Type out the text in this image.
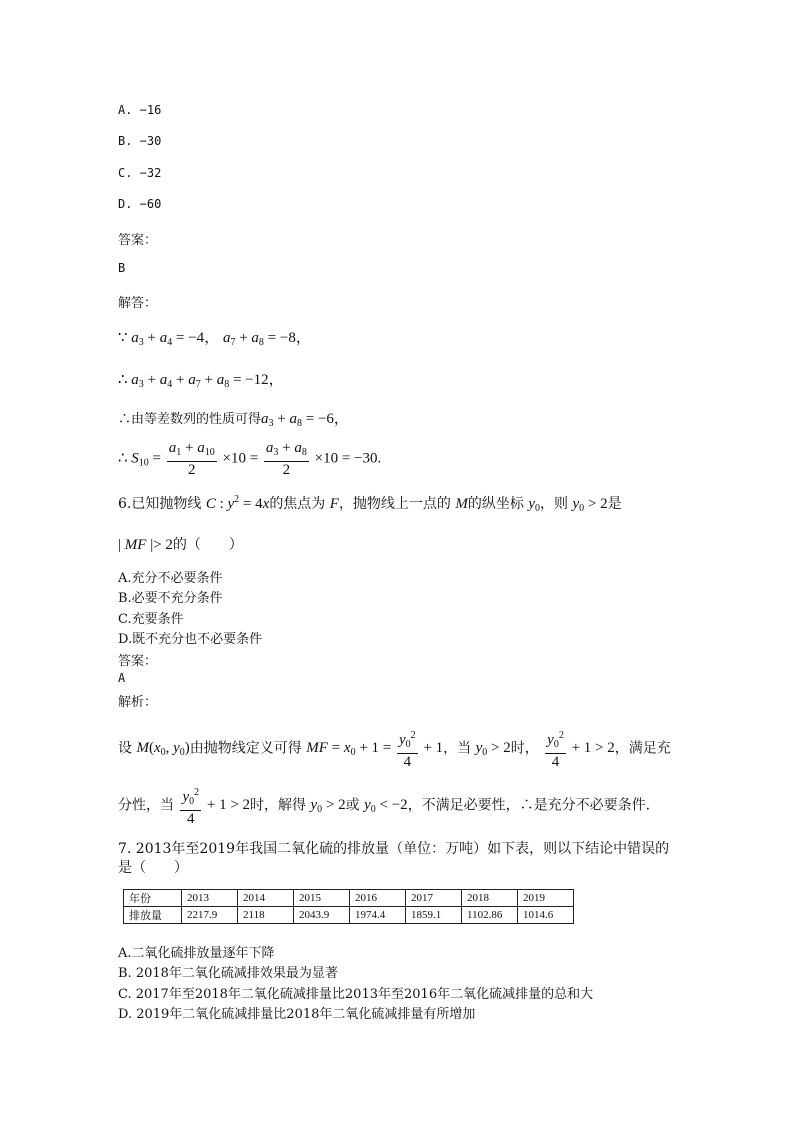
A. −16
B. −30
C. −32
D. −60
答案：
B
解答：
∵ $a_3 + a_4 = -4$， $a_7 + a_8 = -8$，
∴ $a_3 + a_4 + a_7 + a_8 = -12$，
∴由等差数列的性质可得$a_3 + a_8 = -6$，
∴ $S_{10} = \frac{a_1 + a_{10}}{2} \times 10 = \frac{a_3 + a_8}{2} \times 10 = -30$.
6.已知抛物线 C : $y^2 = 4x$的焦点为 F，抛物线上一点的 M的纵坐标 $y_0$，则 $y_0 > 2$是
| MF |> 2的（　　）
A.充分不必要条件
B.必要不充分条件
C.充要条件
D.既不充分也不必要条件
答案：
A
解析：
设 $M(x_0$, $y_0$)由抛物线定义可得 MF = $x_0 + 1 = \frac{y_0^2}{4} + 1$，当 $y_0 > 2$时， $\frac{y_0^2}{4} + 1 > 2$，满足充
分性，当 $\frac{y_0^2}{4} + 1 > 2$时，解得 $y_0 > 2$或 $y_0 < -2$，不满足必要性，∴是充分不必要条件.
7. 2013年至2019年我国二氧化硫的排放量（单位：万吨）如下表，则以下结论中错误的
是（　　）
年份	2013	2014	2015	2016	2017	2018	2019
排放量	2217.9	2118	2043.9	1974.4	1859.1	1102.86	1014.6
A.二氧化硫排放量逐年下降
B. 2018年二氧化硫减排效果最为显著
C. 2017年至2018年二氧化硫减排量比2013年至2016年二氧化硫减排量的总和大
D. 2019年二氧化硫减排量比2018年二氧化硫减排量有所增加
